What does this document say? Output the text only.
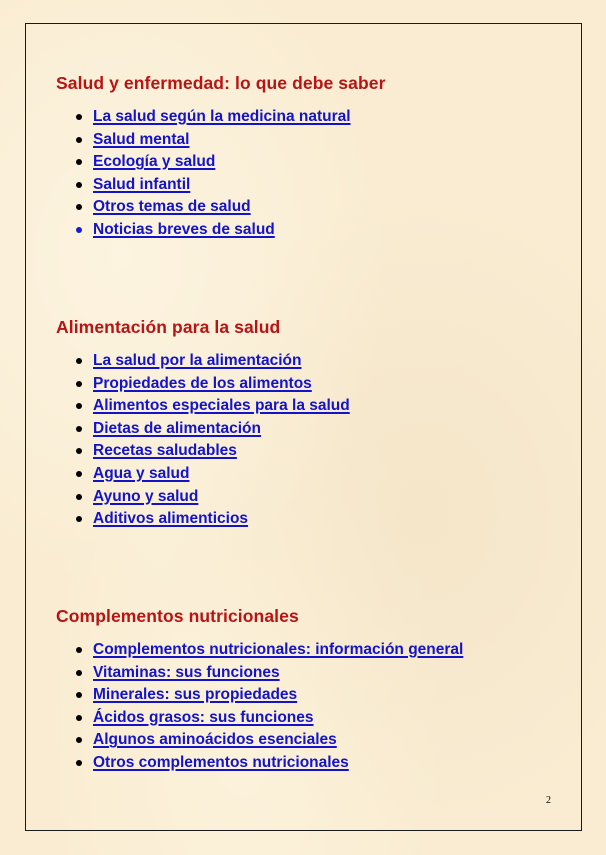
Salud y enfermedad: lo que debe saber
La salud según la medicina natural
Salud mental
Ecología y salud
Salud infantil
Otros temas de salud
Noticias breves de salud
Alimentación para la salud
La salud por la alimentación
Propiedades de los alimentos
Alimentos especiales para la salud
Dietas de alimentación
Recetas saludables
Agua y salud
Ayuno y salud
Aditivos alimenticios
Complementos nutricionales
Complementos nutricionales: información general
Vitaminas: sus funciones
Minerales: sus propiedades
Ácidos grasos: sus funciones
Algunos aminoácidos esenciales
Otros complementos nutricionales
2
